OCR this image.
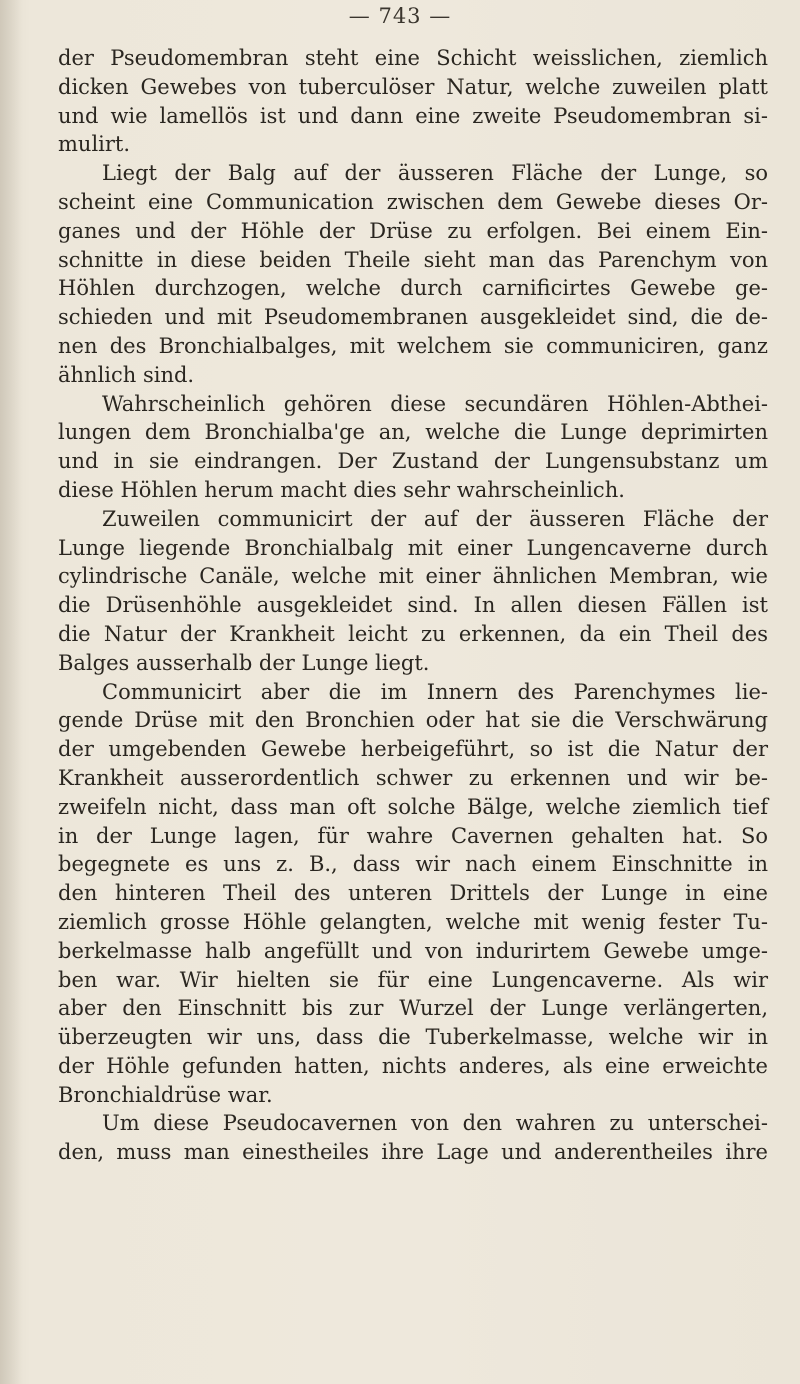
— 743 —
der Pseudomembran steht eine Schicht weisslichen, ziemlich
dicken Gewebes von tuberculöser Natur, welche zuweilen platt
und wie lamellös ist und dann eine zweite Pseudomembran si-
mulirt.
Liegt der Balg auf der äusseren Fläche der Lunge, so
scheint eine Communication zwischen dem Gewebe dieses Or-
ganes und der Höhle der Drüse zu erfolgen. Bei einem Ein-
schnitte in diese beiden Theile sieht man das Parenchym von
Höhlen durchzogen, welche durch carnificirtes Gewebe ge-
schieden und mit Pseudomembranen ausgekleidet sind, die de-
nen des Bronchialbalges, mit welchem sie communiciren, ganz
ähnlich sind.
Wahrscheinlich gehören diese secundären Höhlen-Abthei-
lungen dem Bronchialba'ge an, welche die Lunge deprimirten
und in sie eindrangen. Der Zustand der Lungensubstanz um
diese Höhlen herum macht dies sehr wahrscheinlich.
Zuweilen communicirt der auf der äusseren Fläche der
Lunge liegende Bronchialbalg mit einer Lungencaverne durch
cylindrische Canäle, welche mit einer ähnlichen Membran, wie
die Drüsenhöhle ausgekleidet sind. In allen diesen Fällen ist
die Natur der Krankheit leicht zu erkennen, da ein Theil des
Balges ausserhalb der Lunge liegt.
Communicirt aber die im Innern des Parenchymes lie-
gende Drüse mit den Bronchien oder hat sie die Verschwärung
der umgebenden Gewebe herbeigeführt, so ist die Natur der
Krankheit ausserordentlich schwer zu erkennen und wir be-
zweifeln nicht, dass man oft solche Bälge, welche ziemlich tief
in der Lunge lagen, für wahre Cavernen gehalten hat. So
begegnete es uns z. B., dass wir nach einem Einschnitte in
den hinteren Theil des unteren Drittels der Lunge in eine
ziemlich grosse Höhle gelangten, welche mit wenig fester Tu-
berkelmasse halb angefüllt und von indurirtem Gewebe umge-
ben war. Wir hielten sie für eine Lungencaverne. Als wir
aber den Einschnitt bis zur Wurzel der Lunge verlängerten,
überzeugten wir uns, dass die Tuberkelmasse, welche wir in
der Höhle gefunden hatten, nichts anderes, als eine erweichte
Bronchialdrüse war.
Um diese Pseudocavernen von den wahren zu unterschei-
den, muss man einestheiles ihre Lage und anderentheiles ihre
